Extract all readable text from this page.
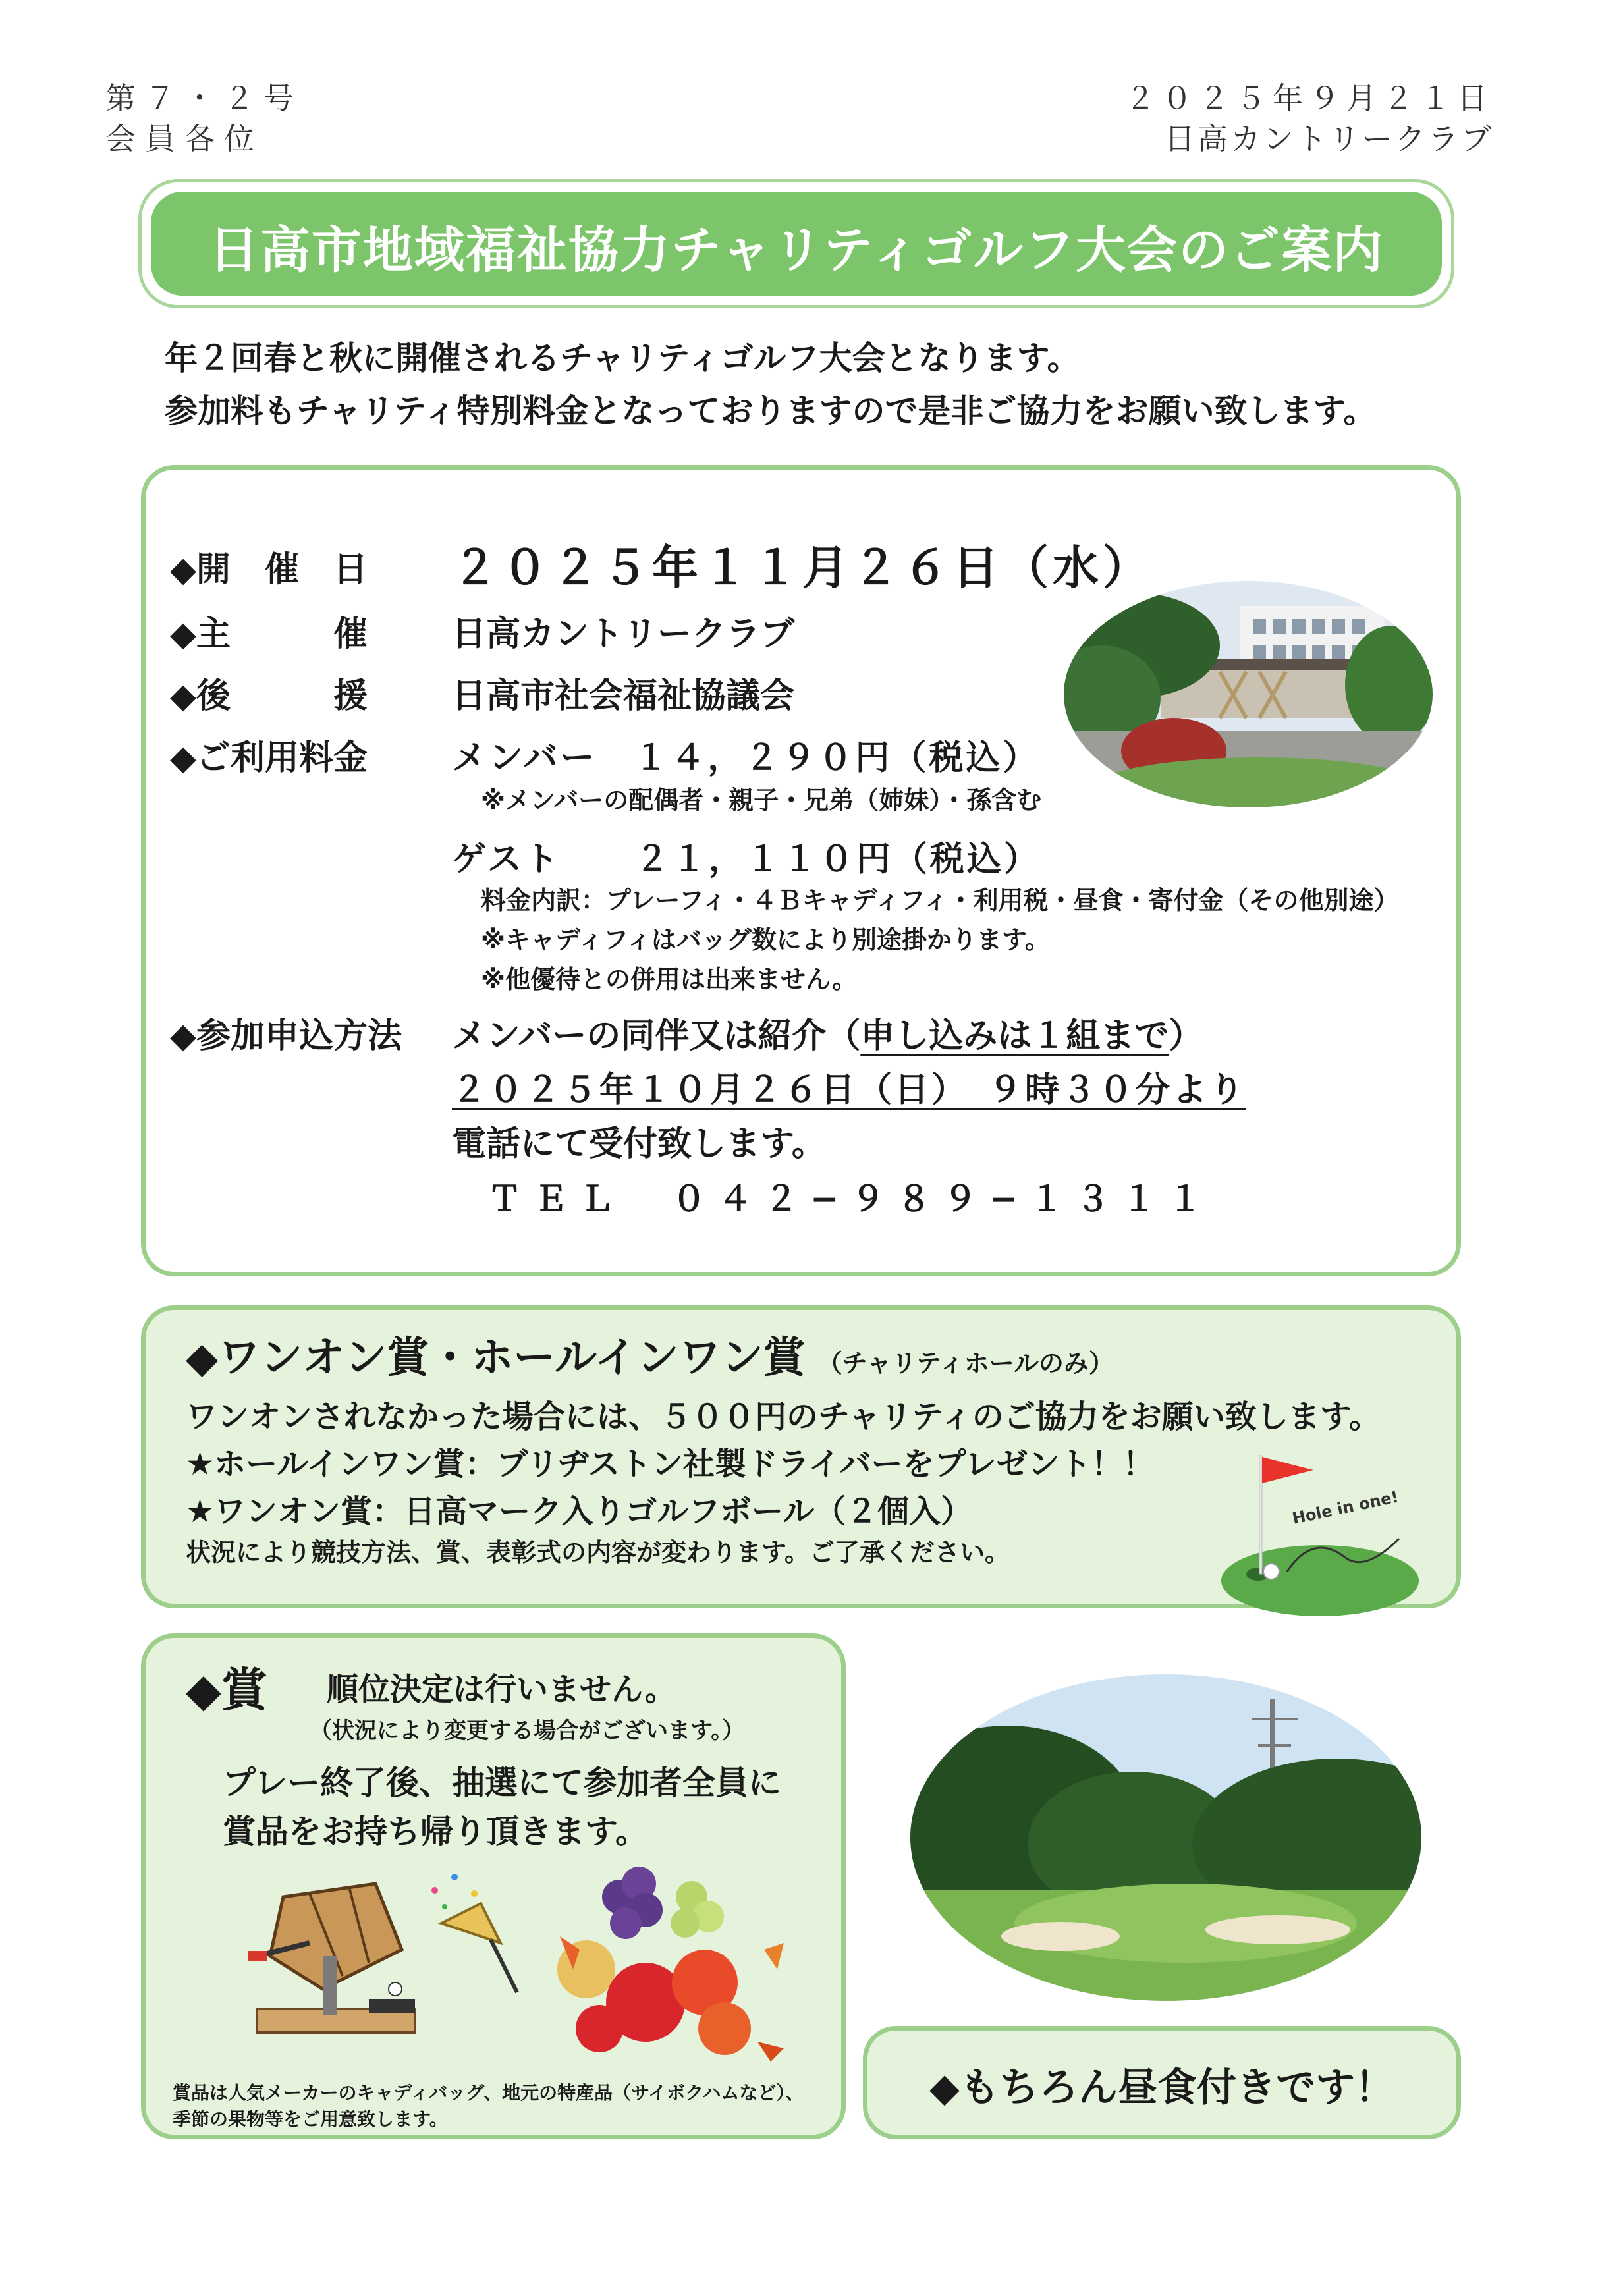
第７・２号
会員各位
２０２５年９月２１日
日高カントリークラブ
日高市地域福祉協力チャリティゴルフ大会のご案内
年２回春と秋に開催されるチャリティゴルフ大会となります。
参加料もチャリティ特別料金となっておりますので是非ご協力をお願い致します。
◆開　催　日 ２０２５年１１月２６日（水）
◆主　　　催 日高カントリークラブ
◆後　　　援 日高市社会福祉協議会
◆ご利用料金 メンバー　１４，２９０円（税込）
※メンバーの配偶者・親子・兄弟（姉妹）・孫含む
ゲスト　　２１，１１０円（税込）
料金内訳：プレーフィ・４Ｂキャディフィ・利用税・昼食・寄付金（その他別途）
※キャディフィはバッグ数により別途掛かります。
※他優待との併用は出来ません。
◆参加申込方法 メンバーの同伴又は紹介（申し込みは１組まで）
２０２５年１０月２６日（日）　９時３０分より
電話にて受付致します。
ＴＥＬ　０４２−９８９−１３１１
◆ワンオン賞・ホールインワン賞 （チャリティホールのみ）
ワンオンされなかった場合には、５００円のチャリティのご協力をお願い致します。
★ホールインワン賞：ブリヂストン社製ドライバーをプレゼント！！
★ワンオン賞：日高マーク入りゴルフボール（２個入）
状況により競技方法、賞、表彰式の内容が変わります。ご了承ください。
Hole in one!
◆賞 順位決定は行いません。
（状況により変更する場合がございます。）
プレー終了後、抽選にて参加者全員に
賞品をお持ち帰り頂きます。
賞品は人気メーカーのキャディバッグ、地元の特産品（サイボクハムなど）、
季節の果物等をご用意致します。
◆もちろん昼食付きです！
